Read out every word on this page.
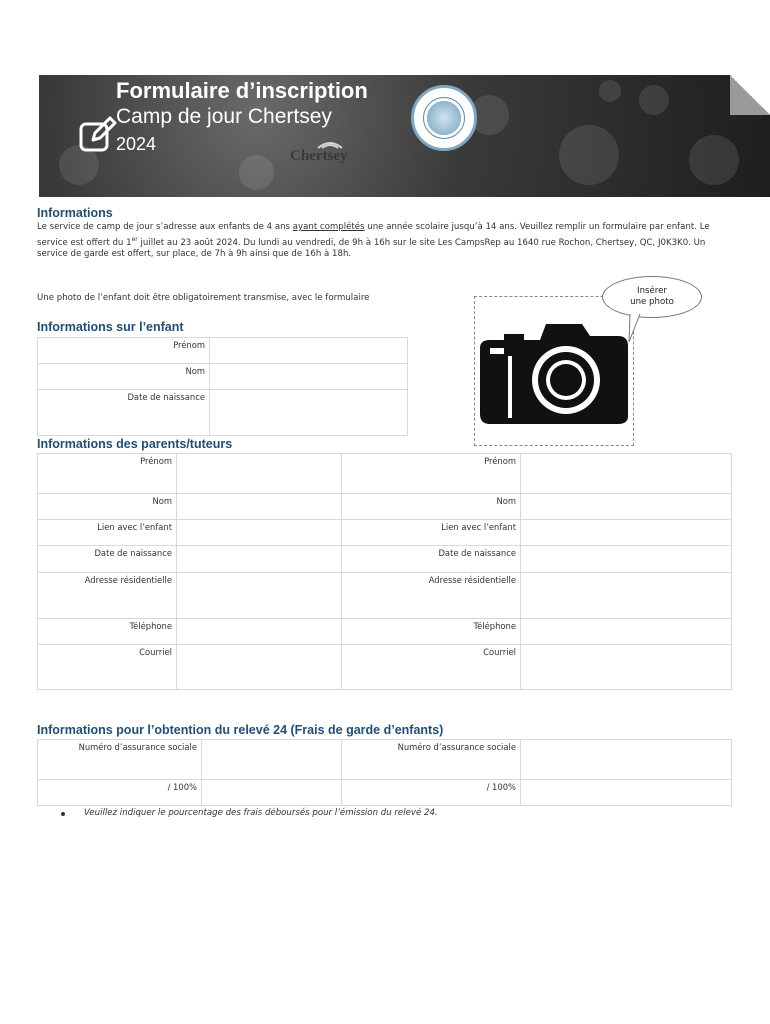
Formulaire d’inscription
Camp de jour Chertsey
2024
Chertsey
Informations
Le service de camp de jour s’adresse aux enfants de 4 ans ayant complétés une année scolaire jusqu’à 14 ans. Veuillez remplir un formulaire par enfant. Le service est offert du 1er juillet au 23 août 2024. Du lundi au vendredi, de 9h à 16h sur le site Les CampsRep au 1640 rue Rochon, Chertsey, QC, J0K3K0. Un service de garde est offert, sur place, de 7h à 9h ainsi que de 16h à 18h.
Une photo de l’enfant doit être obligatoirement transmise, avec le formulaire
Insérer
une photo
Informations sur l’enfant
Prénom	
Nom	
Date de naissance	
Informations des parents/tuteurs
Prénom		Prénom	
Nom		Nom	
Lien avec l’enfant		Lien avec l’enfant	
Date de naissance		Date de naissance	
Adresse résidentielle		Adresse résidentielle	
Téléphone		Téléphone	
Courriel		Courriel	
Informations pour l’obtention du relevé 24 (Frais de garde d’enfants)
Numéro d’assurance sociale		Numéro d’assurance sociale	
/ 100%		/ 100%	
Veuillez indiquer le pourcentage des frais déboursés pour l’émission du relevé 24.
